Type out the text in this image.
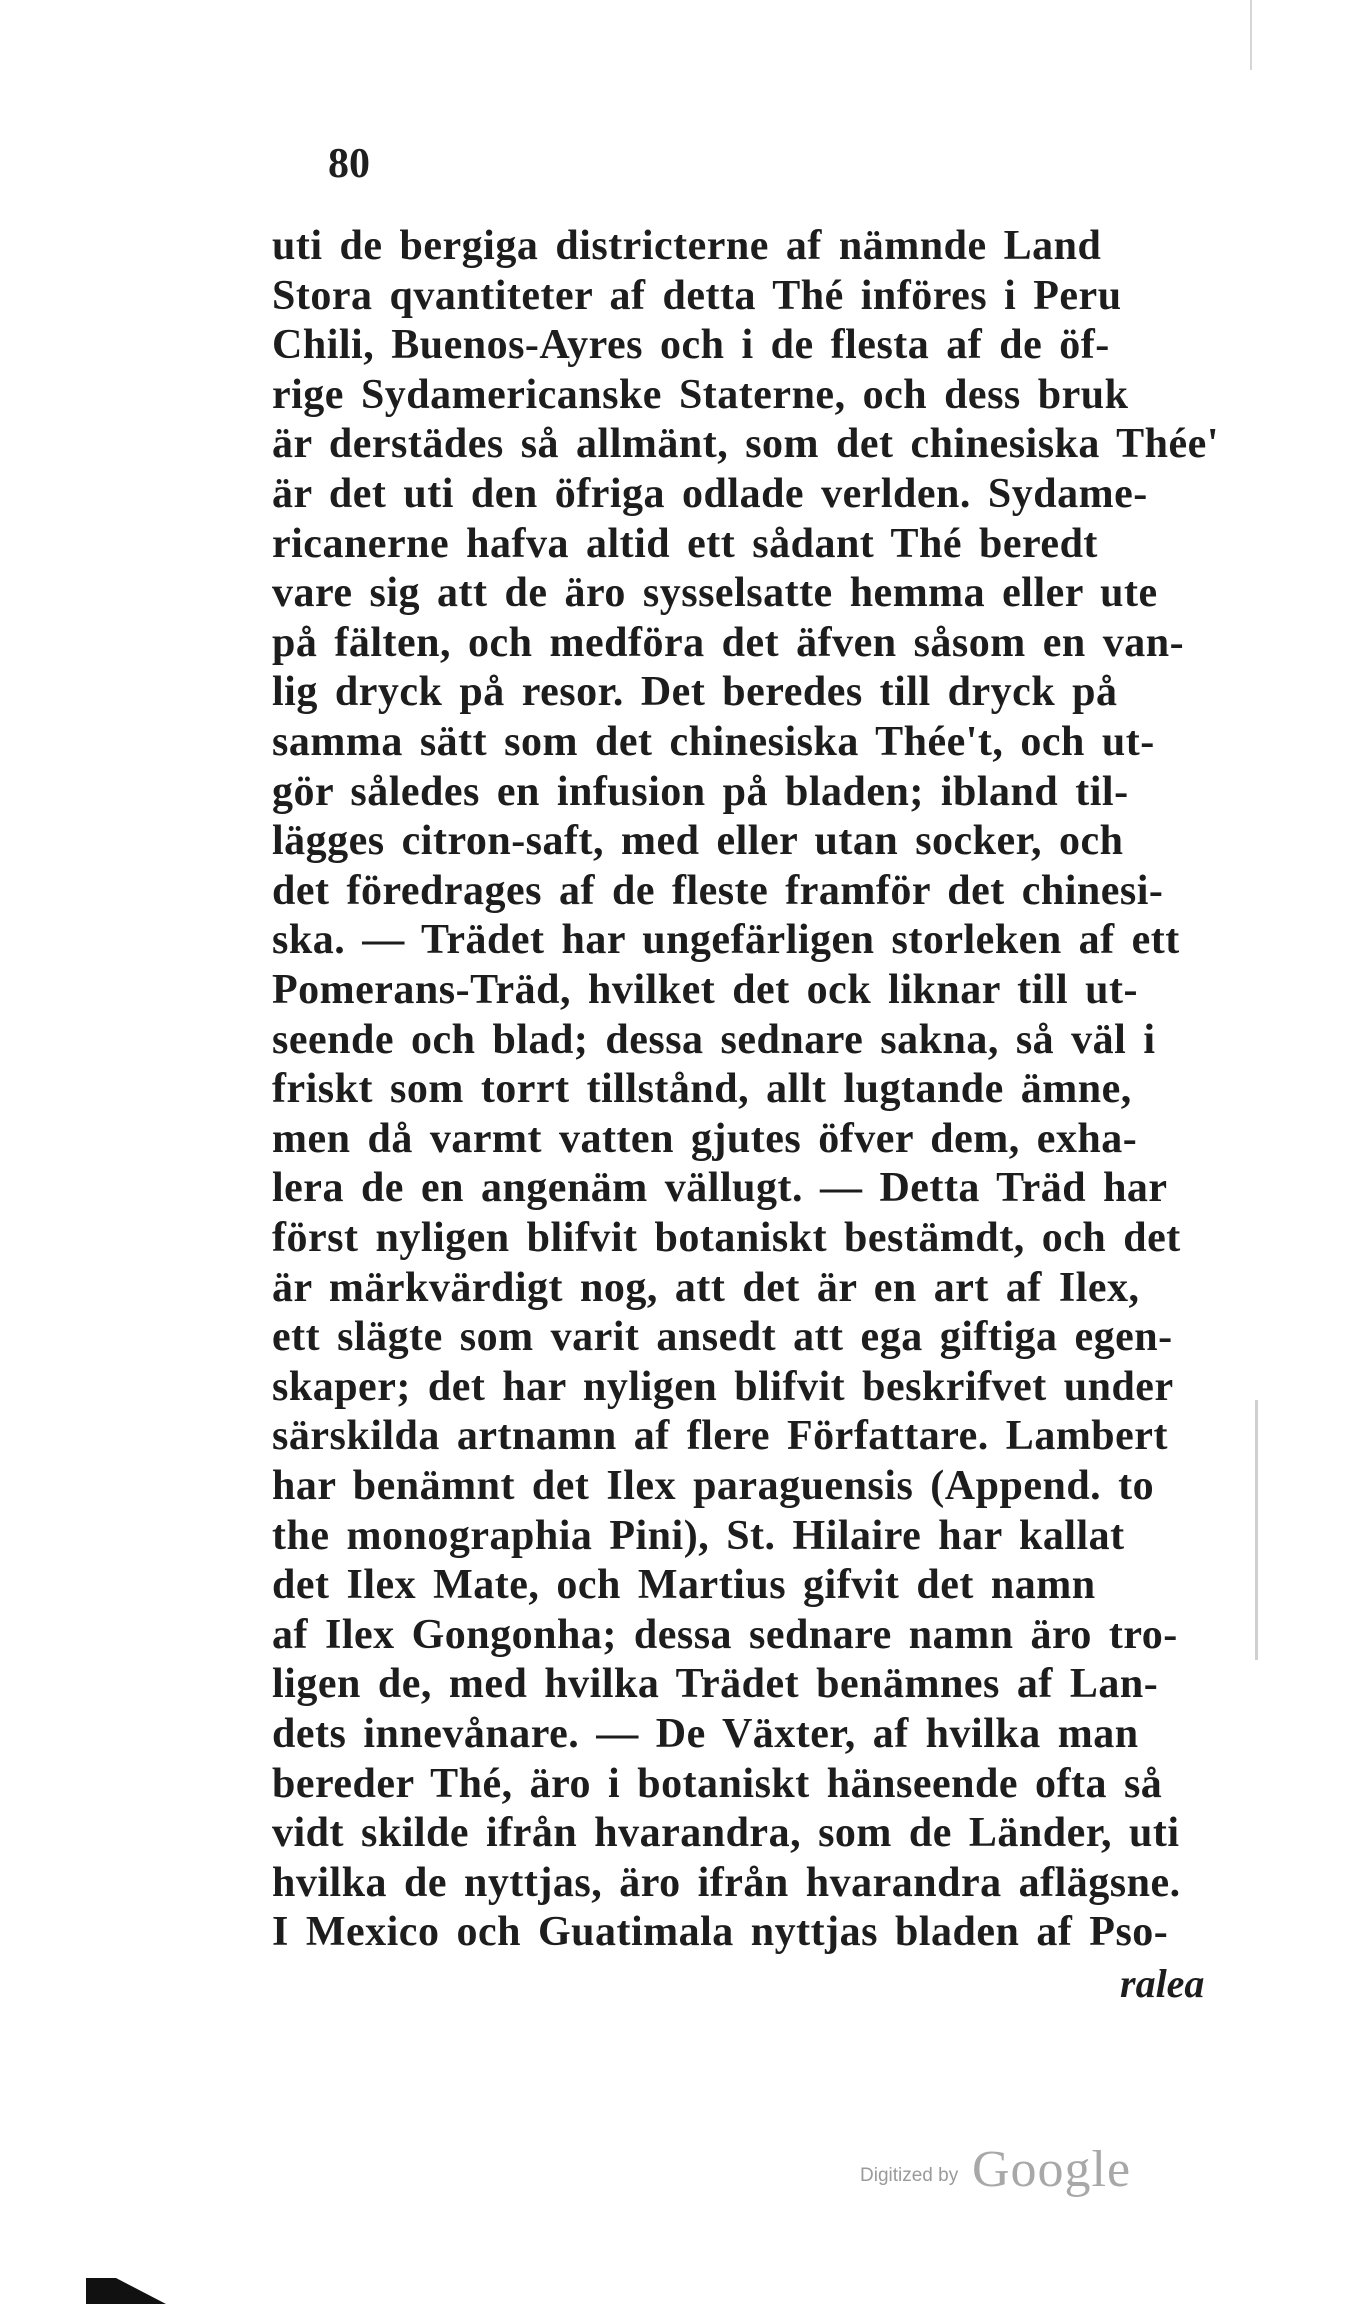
80
uti de bergiga districterne af nämnde Land
Stora qvantiteter af detta Thé införes i Peru
Chili, Buenos-Ayres och i de flesta af de öf-
rige Sydamericanske Staterne, och dess bruk
är derstädes så allmänt, som det chinesiska Thée'
är det uti den öfriga odlade verlden. Sydame-
ricanerne hafva altid ett sådant Thé beredt
vare sig att de äro sysselsatte hemma eller ute
på fälten, och medföra det äfven såsom en van-
lig dryck på resor. Det beredes till dryck på
samma sätt som det chinesiska Thée't, och ut-
gör således en infusion på bladen; ibland til-
lägges citron-saft, med eller utan socker, och
det föredrages af de fleste framför det chinesi-
ska. — Trädet har ungefärligen storleken af ett
Pomerans-Träd, hvilket det ock liknar till ut-
seende och blad; dessa sednare sakna, så väl i
friskt som torrt tillstånd, allt lugtande ämne,
men då varmt vatten gjutes öfver dem, exha-
lera de en angenäm vällugt. — Detta Träd har
först nyligen blifvit botaniskt bestämdt, och det
är märkvärdigt nog, att det är en art af Ilex,
ett slägte som varit ansedt att ega giftiga egen-
skaper; det har nyligen blifvit beskrifvet under
särskilda artnamn af flere Författare. Lambert
har benämnt det Ilex paraguensis (Append. to
the monographia Pini), St. Hilaire har kallat
det Ilex Mate, och Martius gifvit det namn
af Ilex Gongonha; dessa sednare namn äro tro-
ligen de, med hvilka Trädet benämnes af Lan-
dets innevånare. — De Växter, af hvilka man
bereder Thé, äro i botaniskt hänseende ofta så
vidt skilde ifrån hvarandra, som de Länder, uti
hvilka de nyttjas, äro ifrån hvarandra aflägsne.
I Mexico och Guatimala nyttjas bladen af Pso-
ralea
Digitized by Google
